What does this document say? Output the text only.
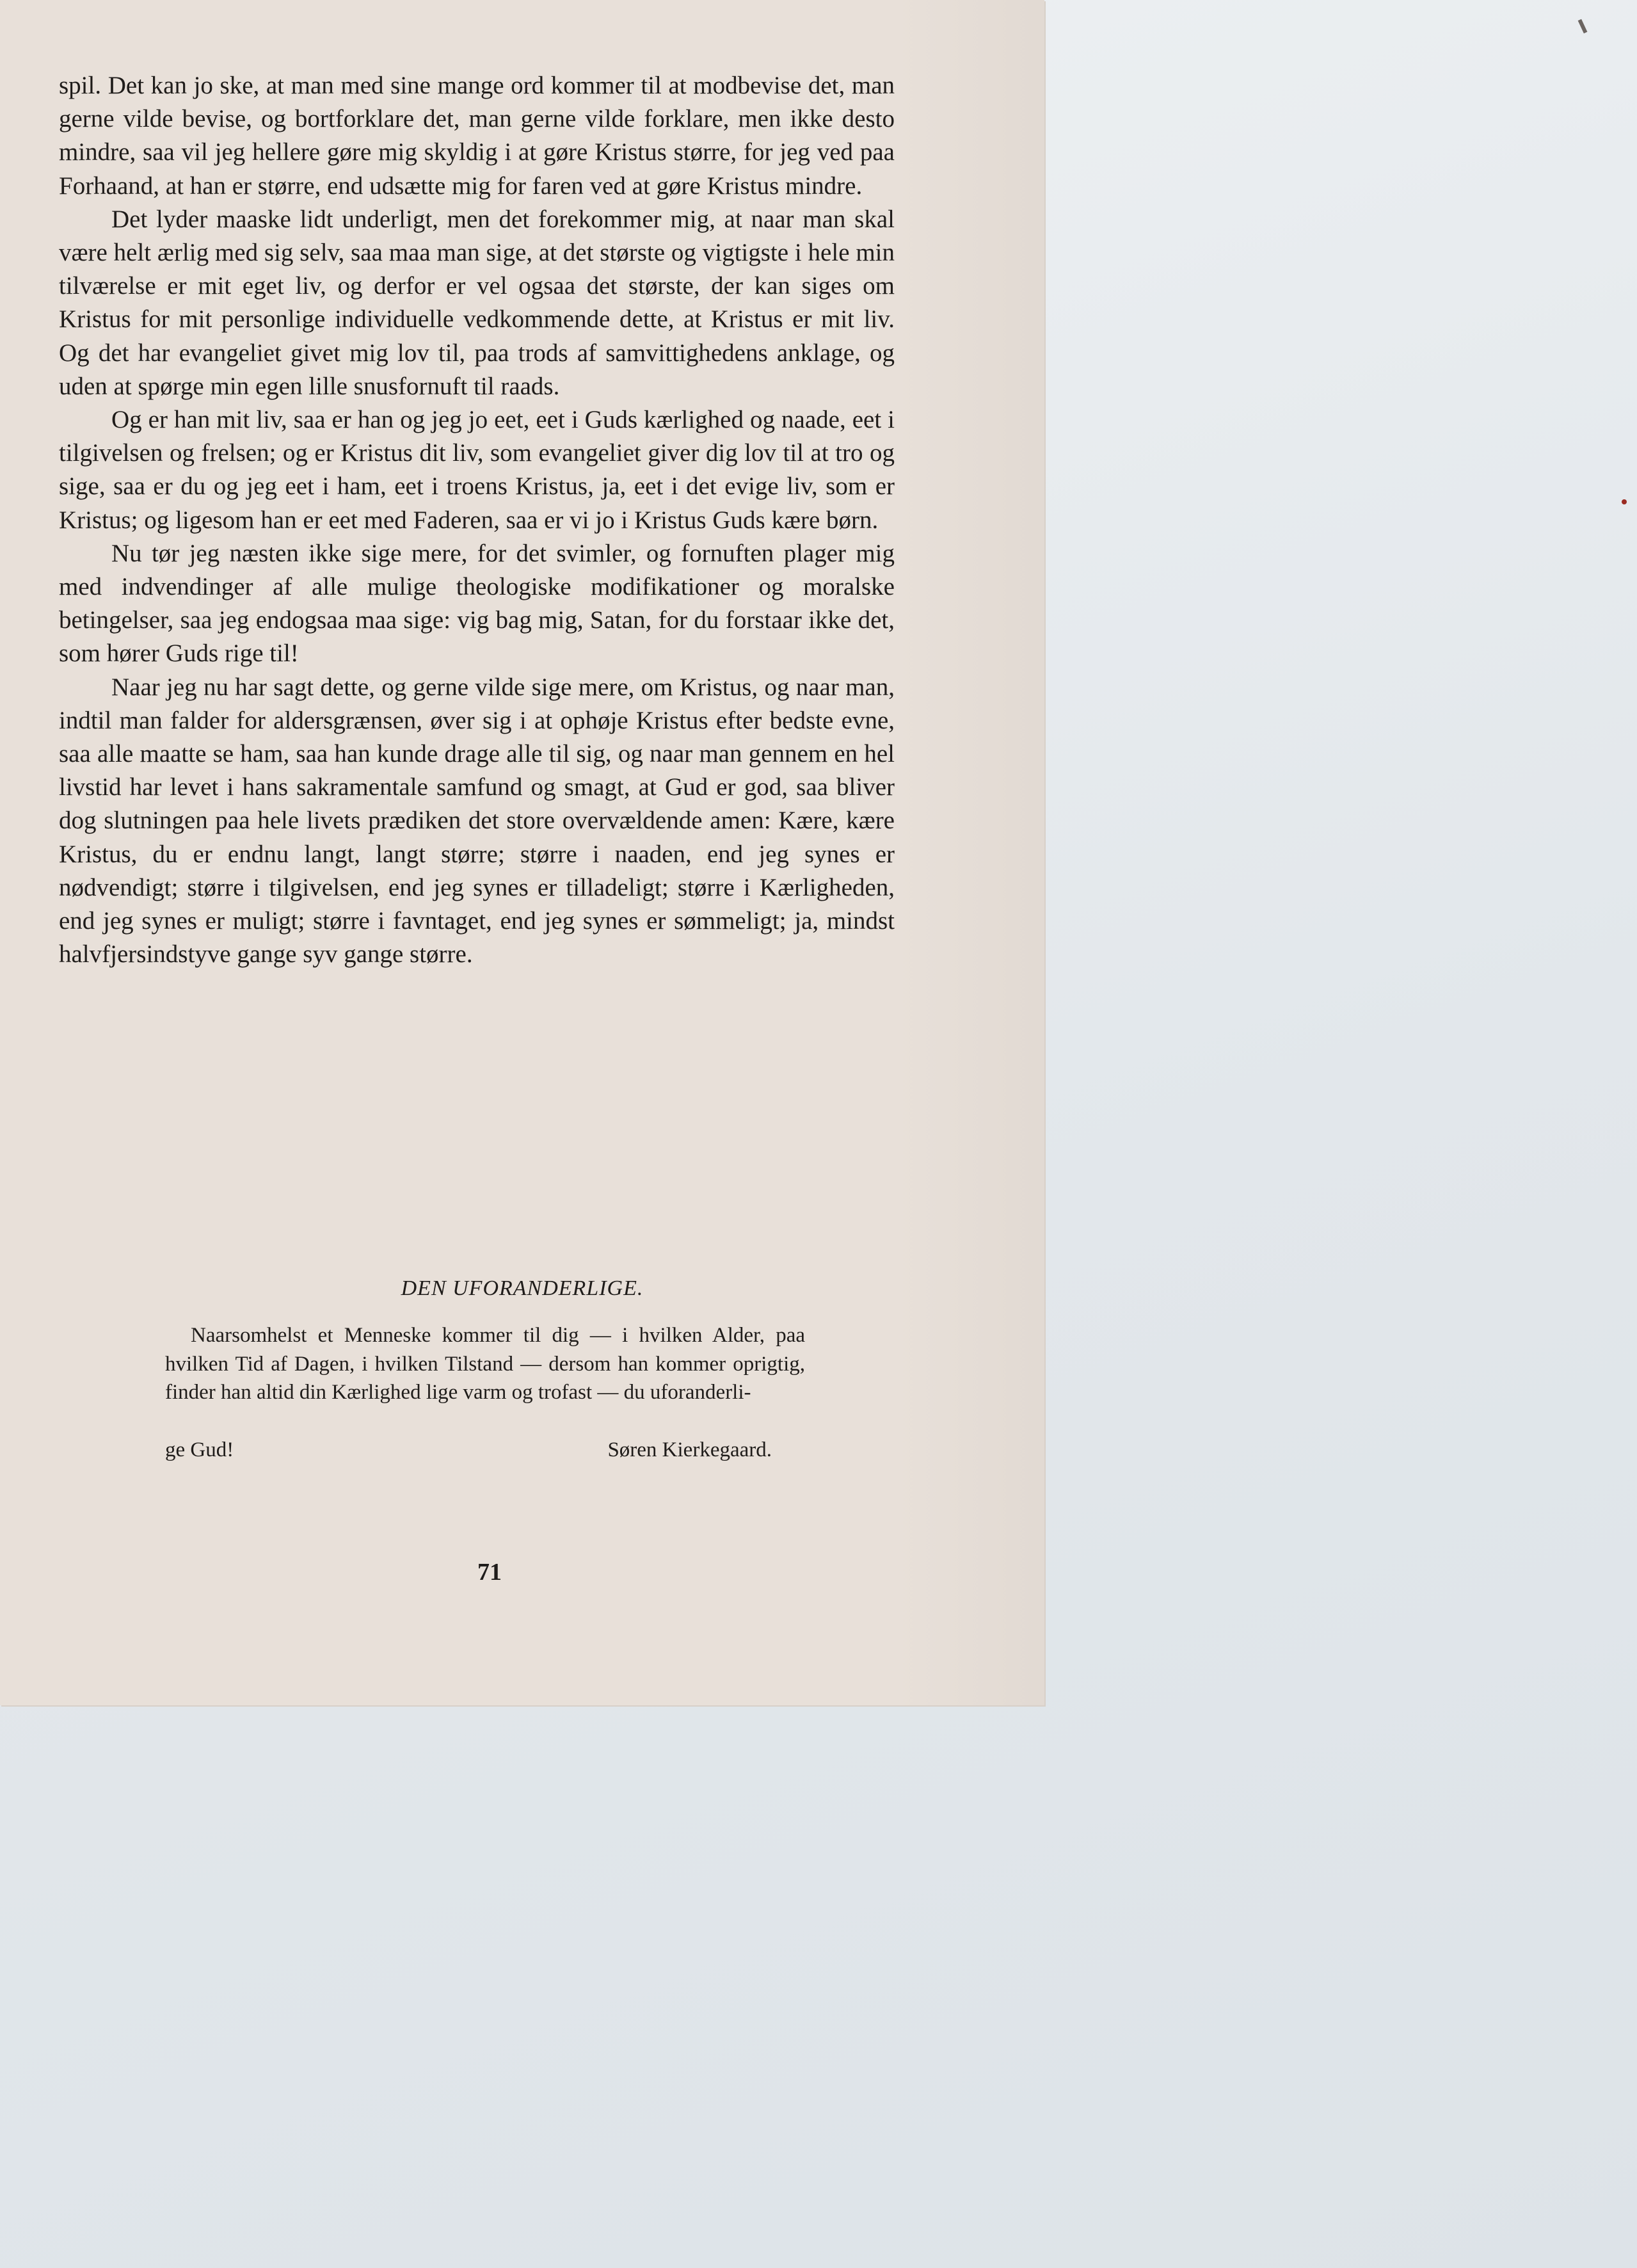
spil. Det kan jo ske, at man med sine mange ord kommer til at modbevise det, man gerne vilde bevise, og bortforklare det, man gerne vilde forklare, men ikke desto mindre, saa vil jeg hellere gøre mig skyldig i at gøre Kristus større, for jeg ved paa Forhaand, at han er større, end udsætte mig for faren ved at gøre Kristus mindre.

Det lyder maaske lidt underligt, men det forekommer mig, at naar man skal være helt ærlig med sig selv, saa maa man sige, at det største og vigtigste i hele min tilværelse er mit eget liv, og derfor er vel ogsaa det største, der kan siges om Kristus for mit personlige individuelle vedkommende dette, at Kristus er mit liv. Og det har evangeliet givet mig lov til, paa trods af samvittighedens anklage, og uden at spørge min egen lille snusfornuft til raads.

Og er han mit liv, saa er han og jeg jo eet, eet i Guds kærlighed og naade, eet i tilgivelsen og frelsen; og er Kristus dit liv, som evangeliet giver dig lov til at tro og sige, saa er du og jeg eet i ham, eet i troens Kristus, ja, eet i det evige liv, som er Kristus; og ligesom han er eet med Faderen, saa er vi jo i Kristus Guds kære børn.

Nu tør jeg næsten ikke sige mere, for det svimler, og fornuften plager mig med indvendinger af alle mulige theologiske modifikationer og moralske betingelser, saa jeg endogsaa maa sige: vig bag mig, Satan, for du forstaar ikke det, som hører Guds rige til!

Naar jeg nu har sagt dette, og gerne vilde sige mere, om Kristus, og naar man, indtil man falder for aldersgrænsen, øver sig i at ophøje Kristus efter bedste evne, saa alle maatte se ham, saa han kunde drage alle til sig, og naar man gennem en hel livstid har levet i hans sakramentale samfund og smagt, at Gud er god, saa bliver dog slutningen paa hele livets prædiken det store overvældende amen: Kære, kære Kristus, du er endnu langt, langt større; større i naaden, end jeg synes er nødvendigt; større i tilgivelsen, end jeg synes er tilladeligt; større i Kærligheden, end jeg synes er muligt; større i favntaget, end jeg synes er sømmeligt; ja, mindst halvfjersindstyve gange syv gange større.

DEN UFORANDERLIGE.
Naarsomhelst et Menneske kommer til dig — i hvilken Alder, paa hvilken Tid af Dagen, i hvilken Tilstand — dersom han kommer oprigtig, finder han altid din Kærlighed lige varm og trofast — du uforanderli-
ge Gud!	Søren Kierkegaard.
71
